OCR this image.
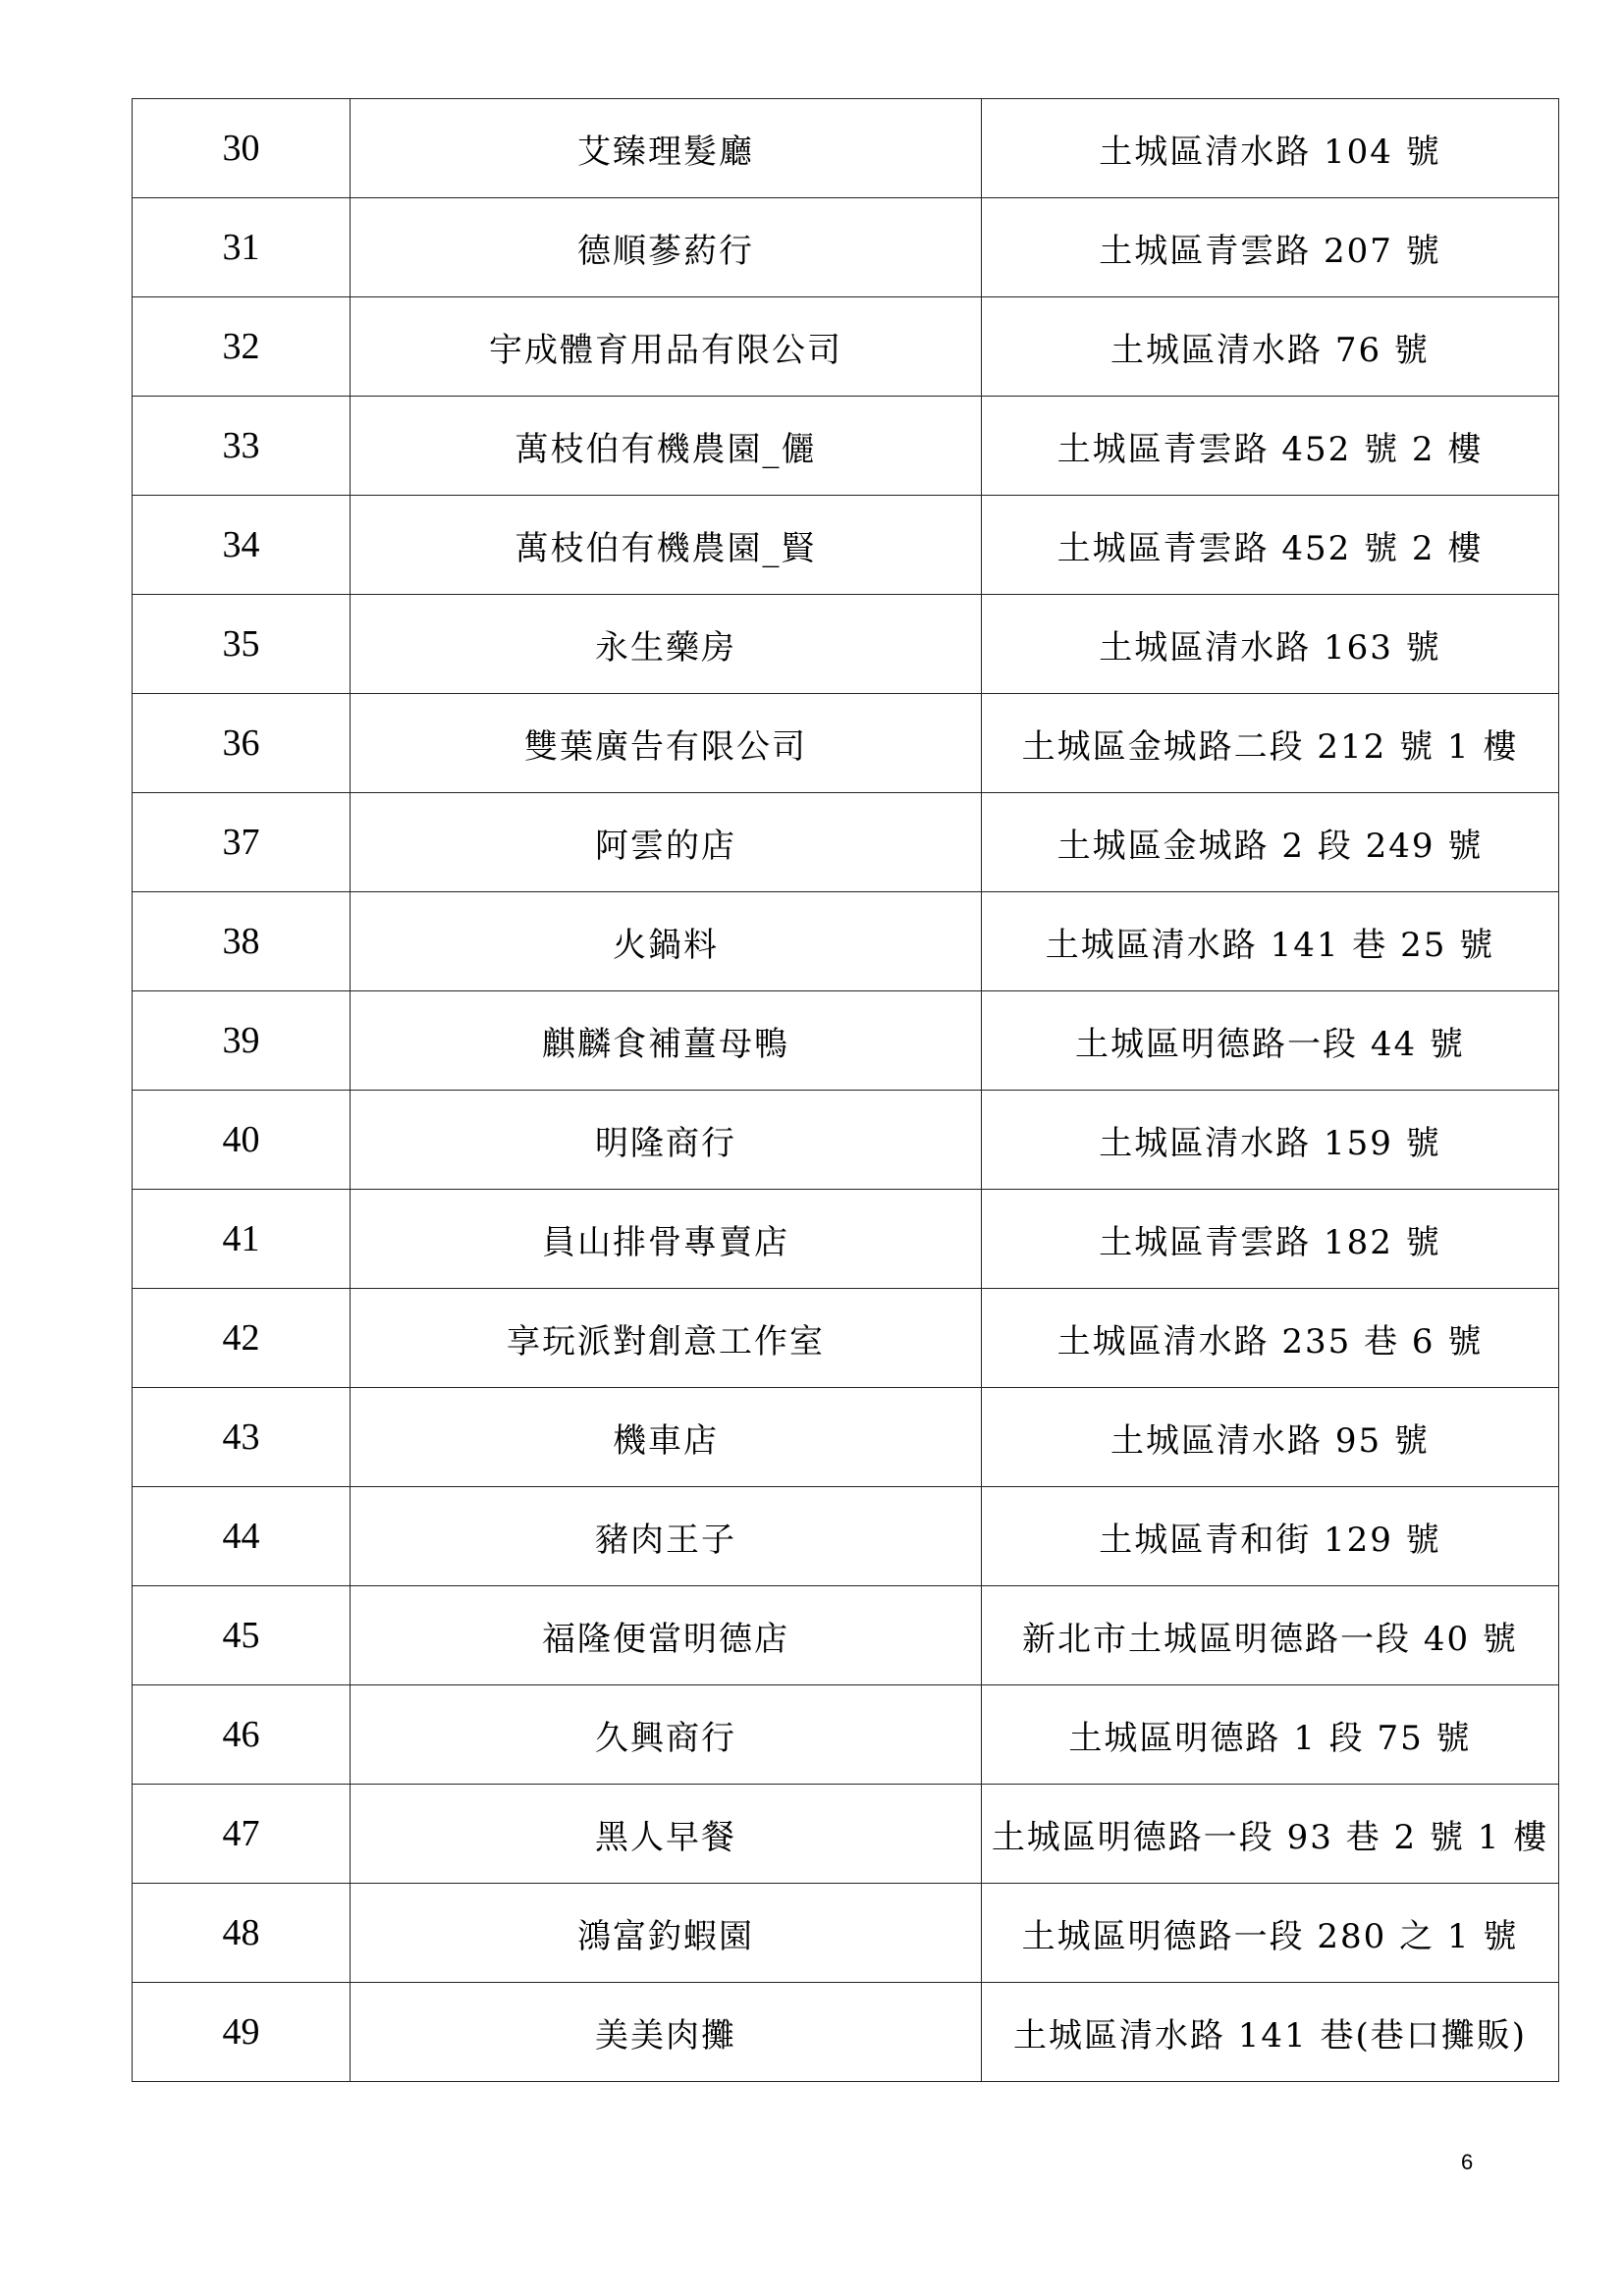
30	艾臻理髮廳	土城區清水路 104 號
31	德順蔘葯行	土城區青雲路 207 號
32	宇成體育用品有限公司	土城區清水路 76 號
33	萬枝伯有機農園_儷	土城區青雲路 452 號 2 樓
34	萬枝伯有機農園_賢	土城區青雲路 452 號 2 樓
35	永生藥房	土城區清水路 163 號
36	雙葉廣告有限公司	土城區金城路二段 212 號 1 樓
37	阿雲的店	土城區金城路 2 段 249 號
38	火鍋料	土城區清水路 141 巷 25 號
39	麒麟食補薑母鴨	土城區明德路一段 44 號
40	明隆商行	土城區清水路 159 號
41	員山排骨專賣店	土城區青雲路 182 號
42	享玩派對創意工作室	土城區清水路 235 巷 6 號
43	機車店	土城區清水路 95 號
44	豬肉王子	土城區青和街 129 號
45	福隆便當明德店	新北市土城區明德路一段 40 號
46	久興商行	土城區明德路 1 段 75 號
47	黑人早餐	土城區明德路一段 93 巷 2 號 1 樓
48	鴻富釣蝦園	土城區明德路一段 280 之 1 號
49	美美肉攤	土城區清水路 141 巷(巷口攤販)
6
